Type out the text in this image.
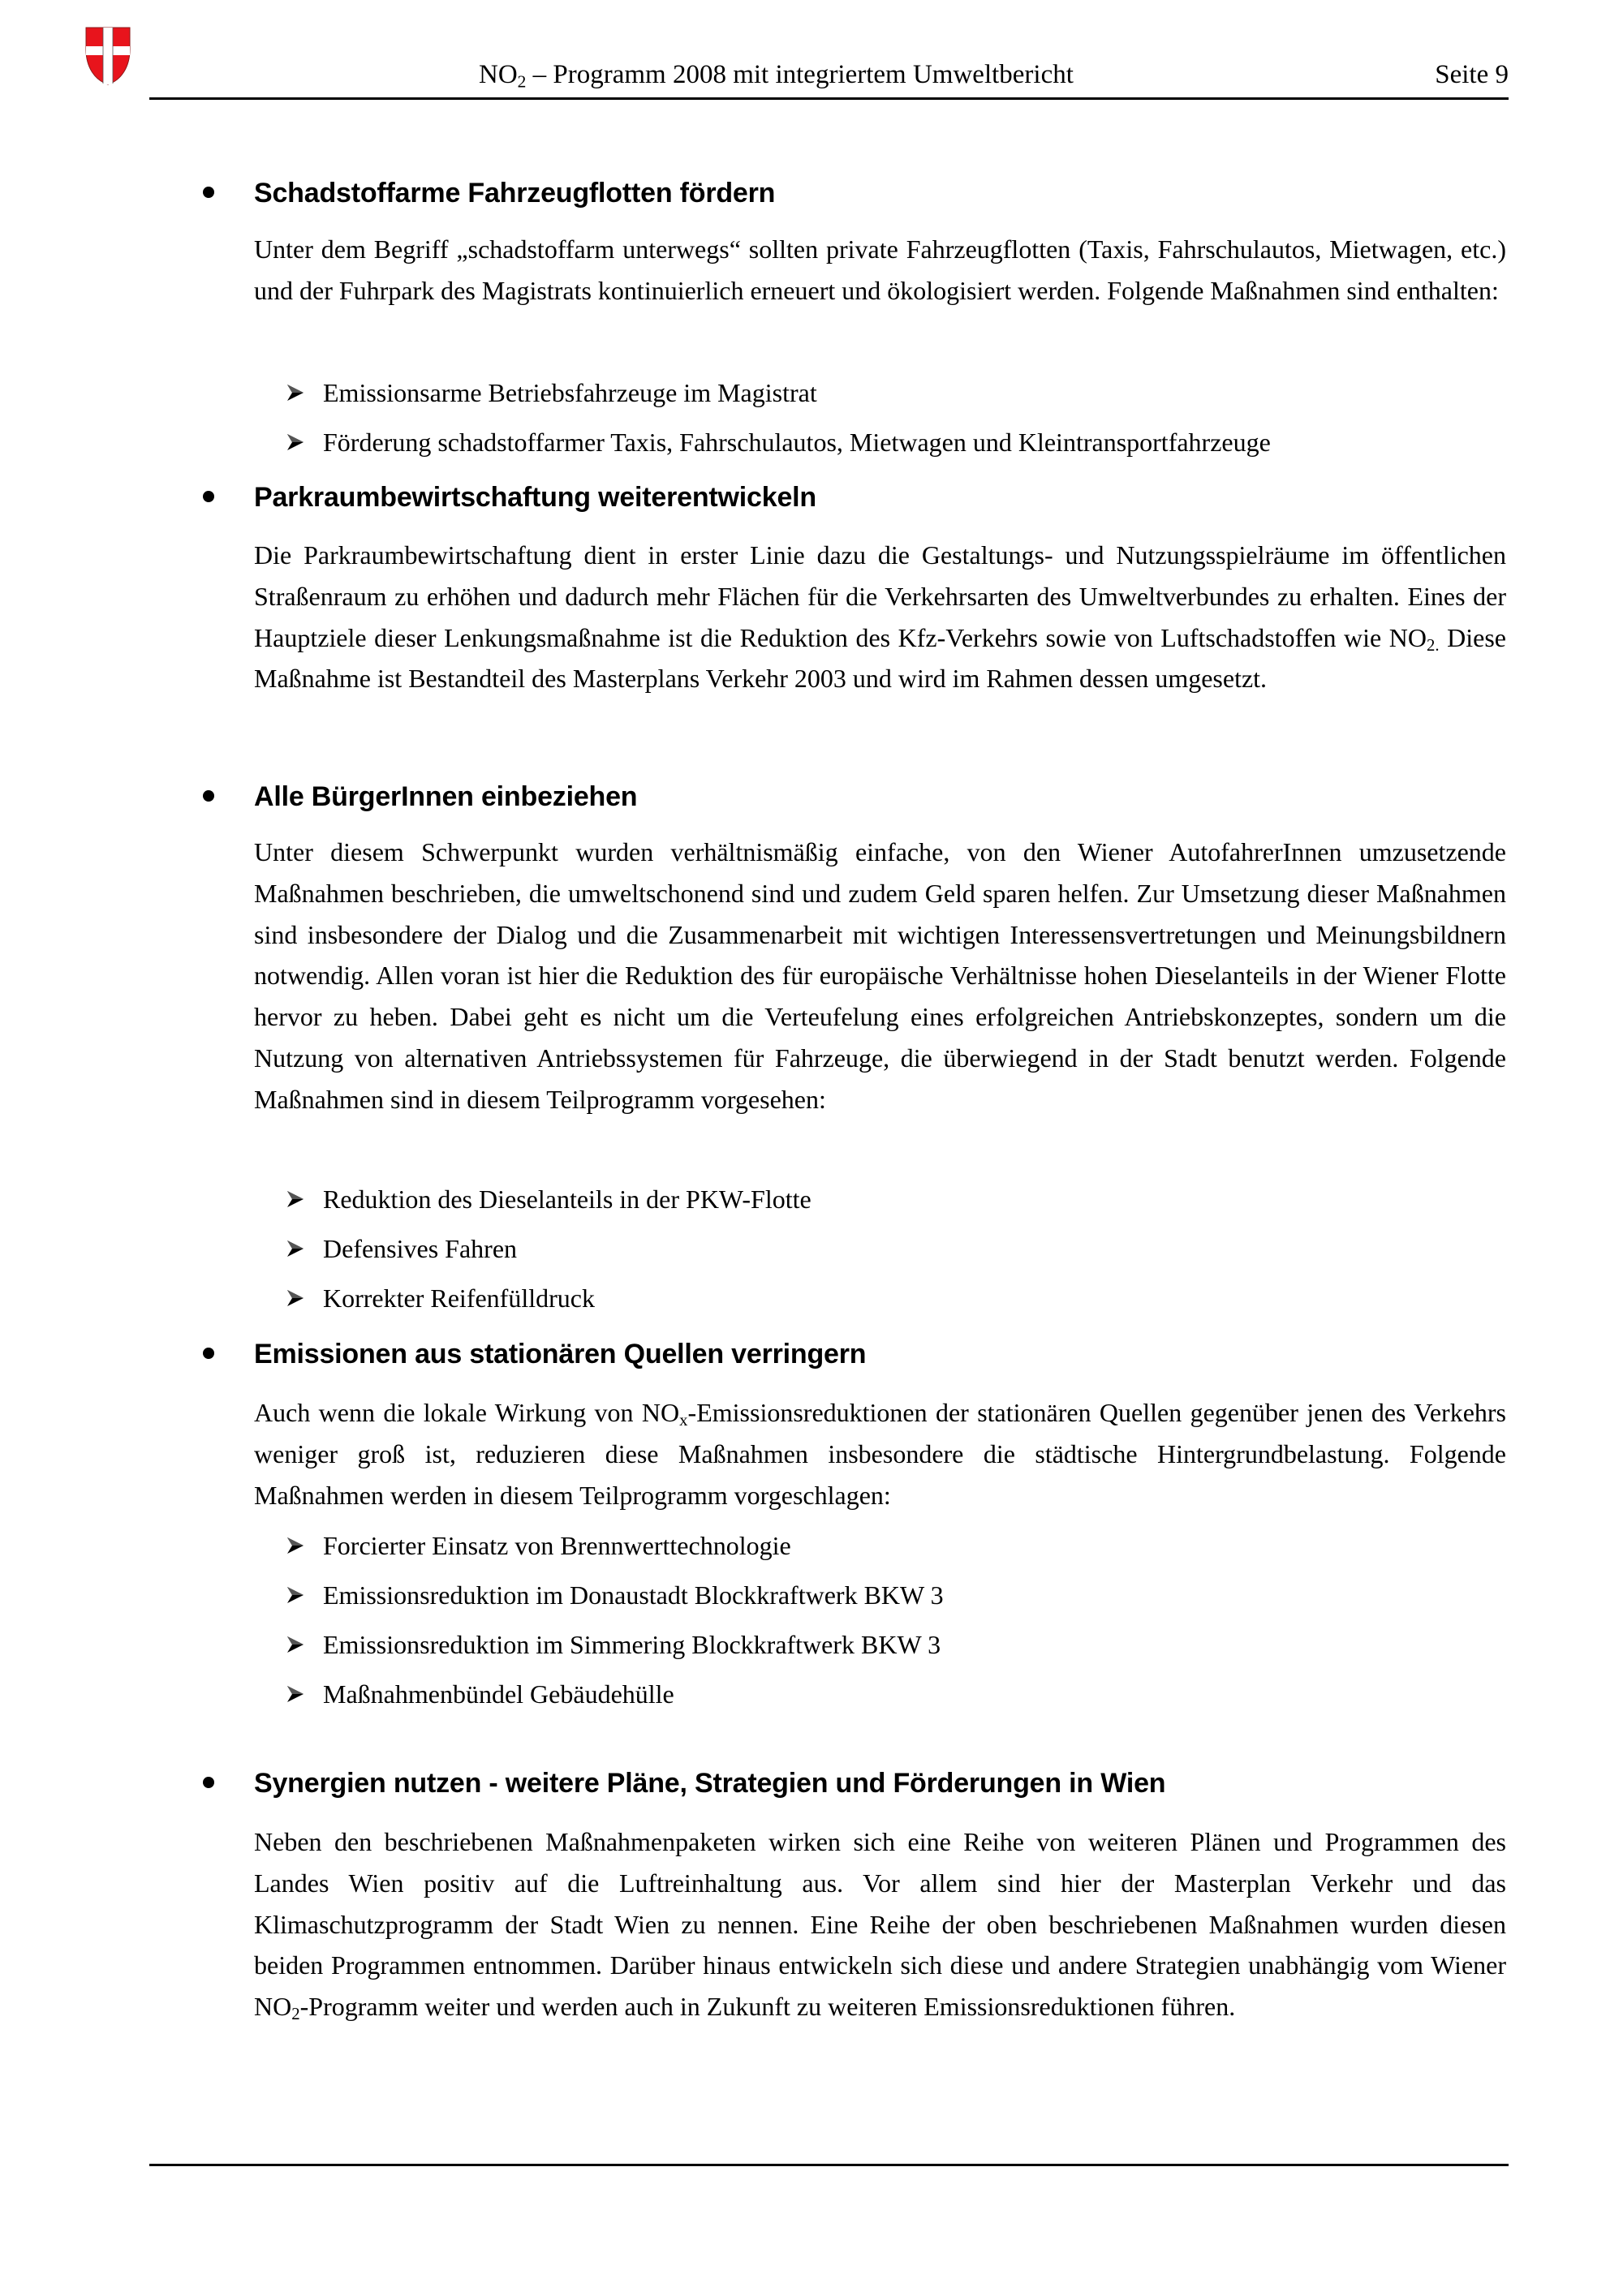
$NO_2$ – Programm 2008 mit integriertem Umweltbericht	Seite 9
Schadstoffarme Fahrzeugflotten fördern
Unter dem Begriff „schadstoffarm unterwegs“ sollten private Fahrzeugflotten (Taxis, Fahrschulautos, Mietwagen, etc.) und der Fuhrpark des Magistrats kontinuierlich erneuert und ökologisiert werden. Folgende Maßnahmen sind enthalten:
Emissionsarme Betriebsfahrzeuge im Magistrat
Förderung schadstoffarmer Taxis, Fahrschulautos, Mietwagen und Kleintransportfahrzeuge
Parkraumbewirtschaftung weiterentwickeln
Die Parkraumbewirtschaftung dient in erster Linie dazu die Gestaltungs- und Nutzungsspielräume im öffentlichen Straßenraum zu erhöhen und dadurch mehr Flächen für die Verkehrsarten des Umweltverbundes zu erhalten. Eines der Hauptziele dieser Lenkungsmaßnahme ist die Reduktion des Kfz-Verkehrs sowie von Luftschadstoffen wie $NO_{2.}$ Diese Maßnahme ist Bestandteil des Masterplans Verkehr 2003 und wird im Rahmen dessen umgesetzt.
Alle BürgerInnen einbeziehen
Unter diesem Schwerpunkt wurden verhältnismäßig einfache, von den Wiener AutofahrerInnen umzusetzende Maßnahmen beschrieben, die umweltschonend sind und zudem Geld sparen helfen. Zur Umsetzung dieser Maßnahmen sind insbesondere der Dialog und die Zusammenarbeit mit wichtigen Interessensvertretungen und Meinungsbildnern notwendig. Allen voran ist hier die Reduktion des für europäische Verhältnisse hohen Dieselanteils in der Wiener Flotte hervor zu heben. Dabei geht es nicht um die Verteufelung eines erfolgreichen Antriebskonzeptes, sondern um die Nutzung von alternativen Antriebssystemen für Fahrzeuge, die überwiegend in der Stadt benutzt werden. Folgende Maßnahmen sind in diesem Teilprogramm vorgesehen:
Reduktion des Dieselanteils in der PKW-Flotte
Defensives Fahren
Korrekter Reifenfülldruck
Emissionen aus stationären Quellen verringern
Auch wenn die lokale Wirkung von $NO_x$-Emissionsreduktionen der stationären Quellen gegenüber jenen des Verkehrs weniger groß ist, reduzieren diese Maßnahmen insbesondere die städtische Hintergrundbelastung. Folgende Maßnahmen werden in diesem Teilprogramm vorgeschlagen:
Forcierter Einsatz von Brennwerttechnologie
Emissionsreduktion im Donaustadt Blockkraftwerk BKW 3
Emissionsreduktion im Simmering Blockkraftwerk BKW 3
Maßnahmenbündel Gebäudehülle
Synergien nutzen - weitere Pläne, Strategien und Förderungen in Wien
Neben den beschriebenen Maßnahmenpaketen wirken sich eine Reihe von weiteren Plänen und Programmen des Landes Wien positiv auf die Luftreinhaltung aus. Vor allem sind hier der Masterplan Verkehr und das Klimaschutzprogramm der Stadt Wien zu nennen. Eine Reihe der oben beschriebenen Maßnahmen wurden diesen beiden Programmen entnommen. Darüber hinaus entwickeln sich diese und andere Strategien unabhängig vom Wiener $NO_2$-Programm weiter und werden auch in Zukunft zu weiteren Emissionsreduktionen führen.
